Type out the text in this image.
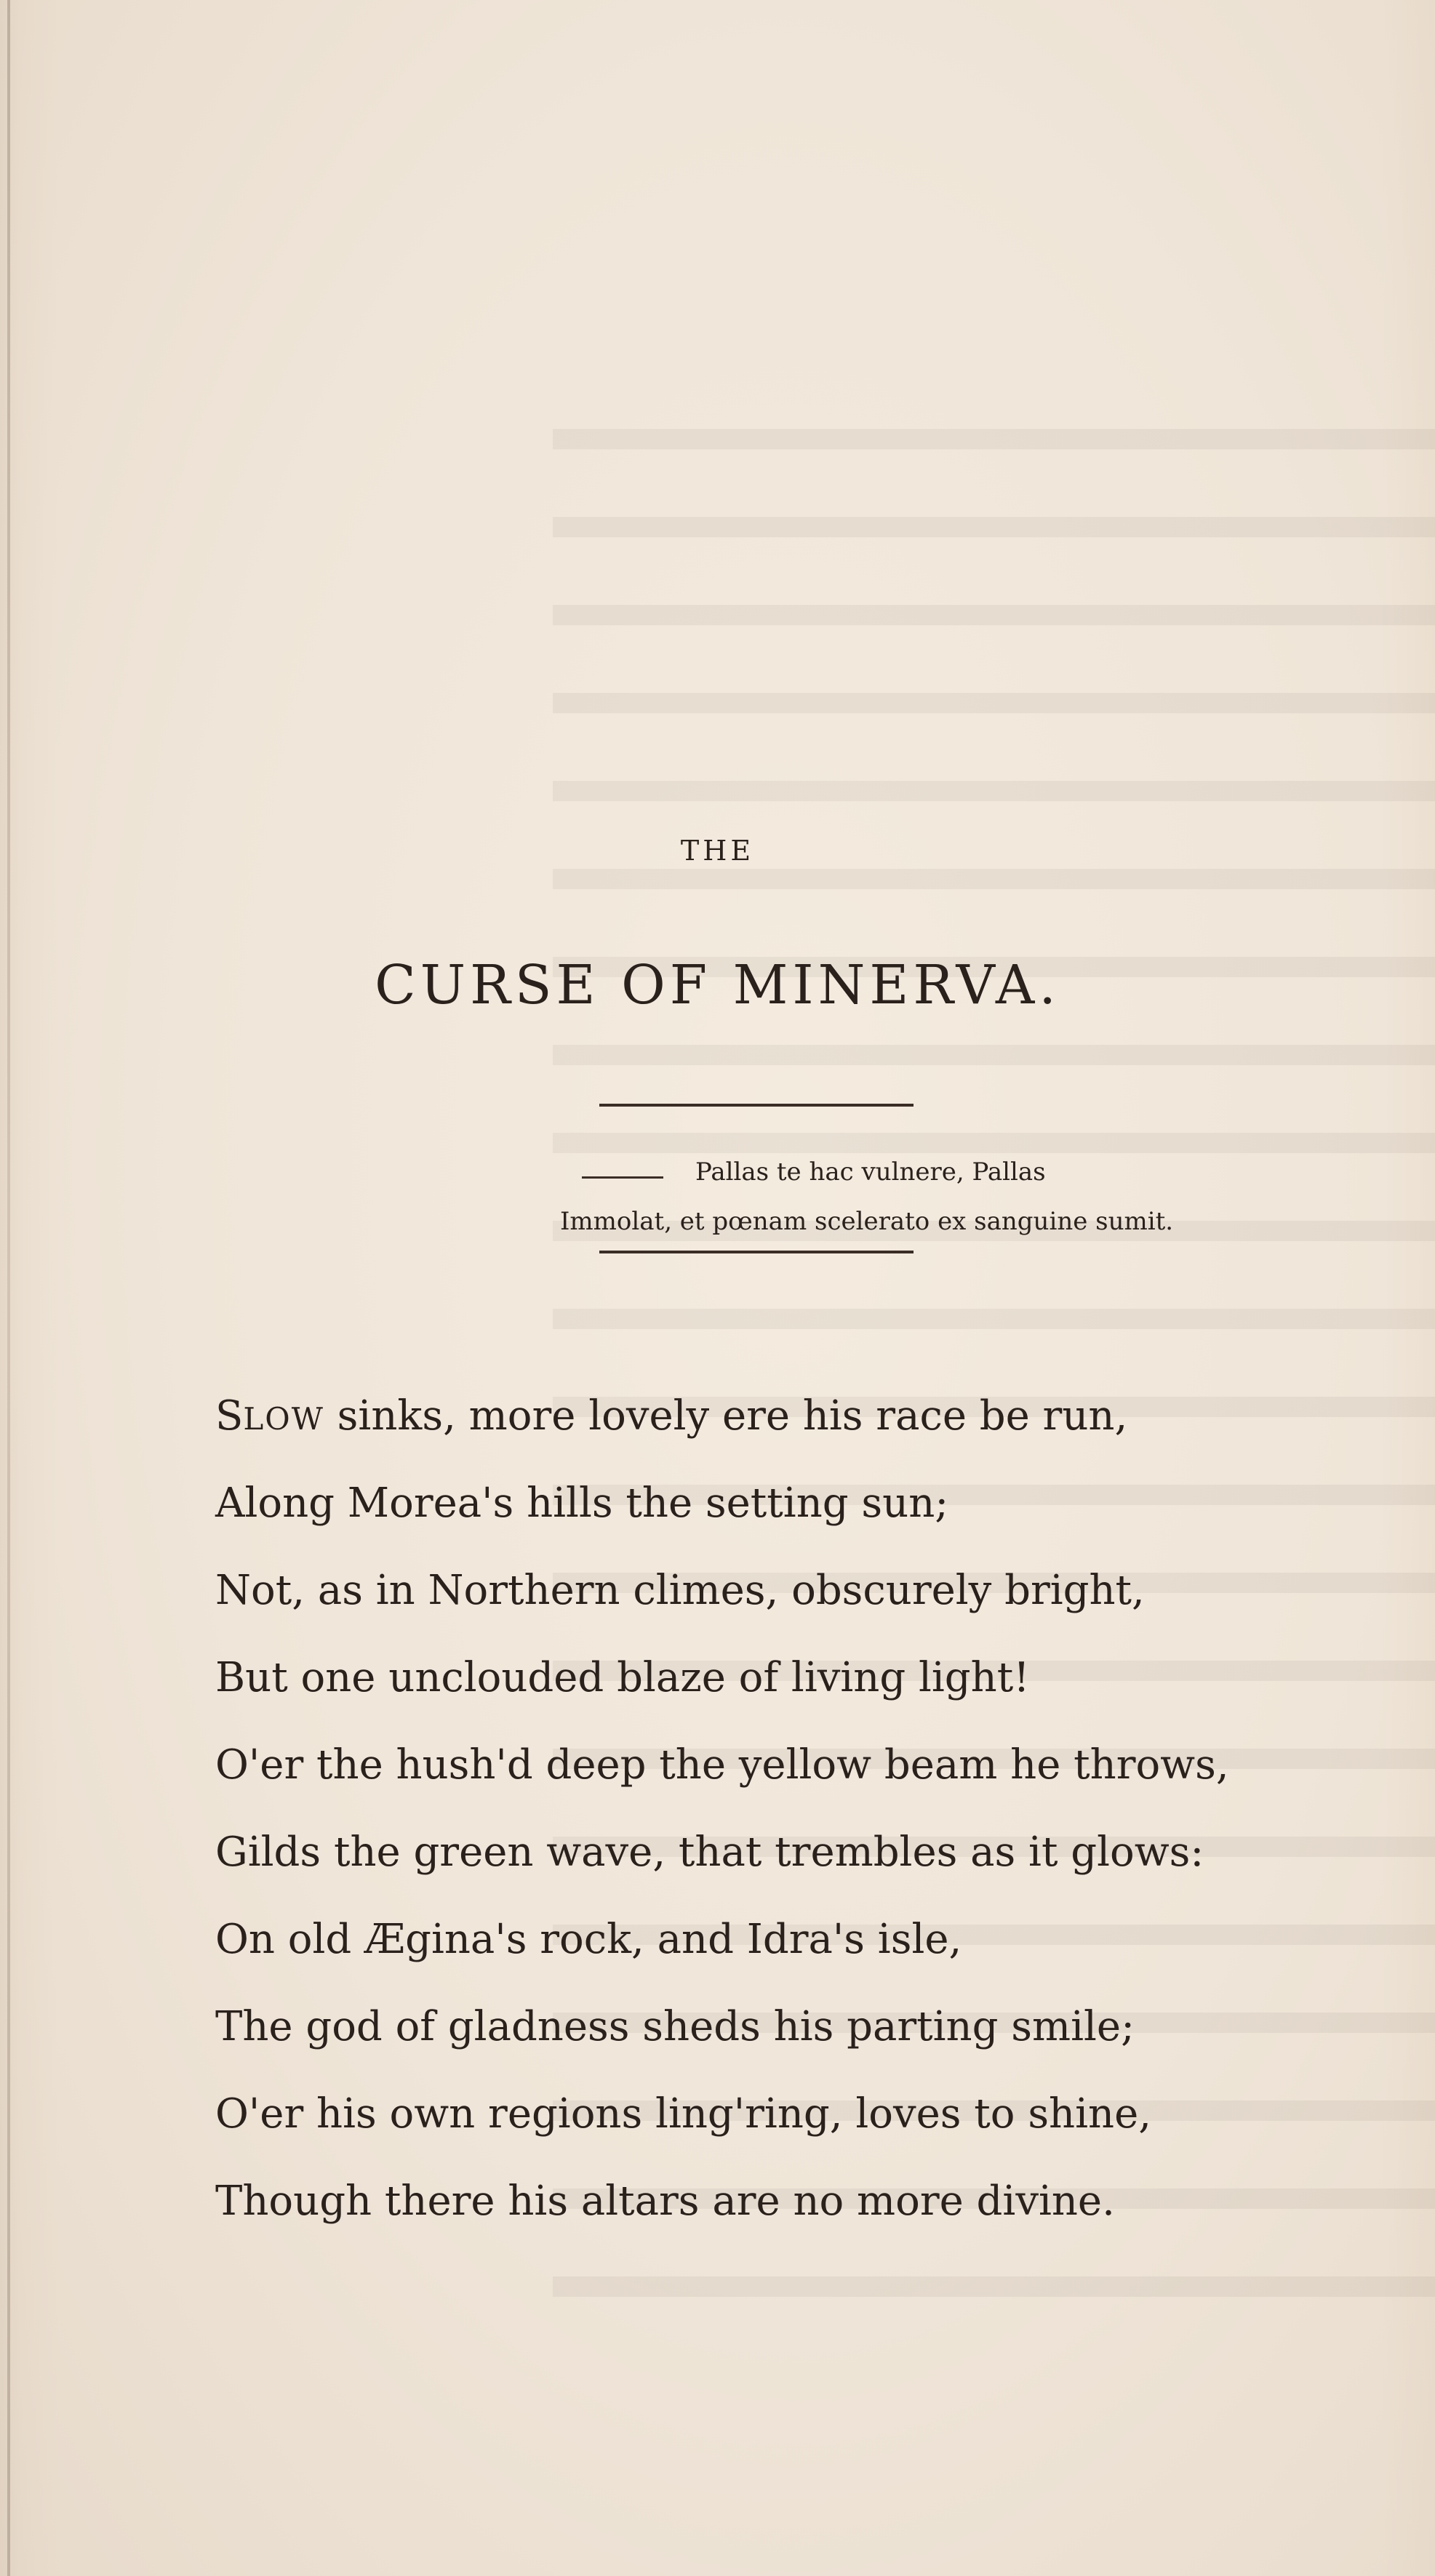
THE
CURSE OF MINERVA.
Pallas te hac vulnere, Pallas
Immolat, et pœnam scelerato ex sanguine sumit.
SLOW sinks, more lovely ere his race be run,
Along Morea's hills the setting sun;
Not, as in Northern climes, obscurely bright,
But one unclouded blaze of living light!
O'er the hush'd deep the yellow beam he throws,
Gilds the green wave, that trembles as it glows:
On old Ægina's rock, and Idra's isle,
The god of gladness sheds his parting smile;
O'er his own regions ling'ring, loves to shine,
Though there his altars are no more divine.
